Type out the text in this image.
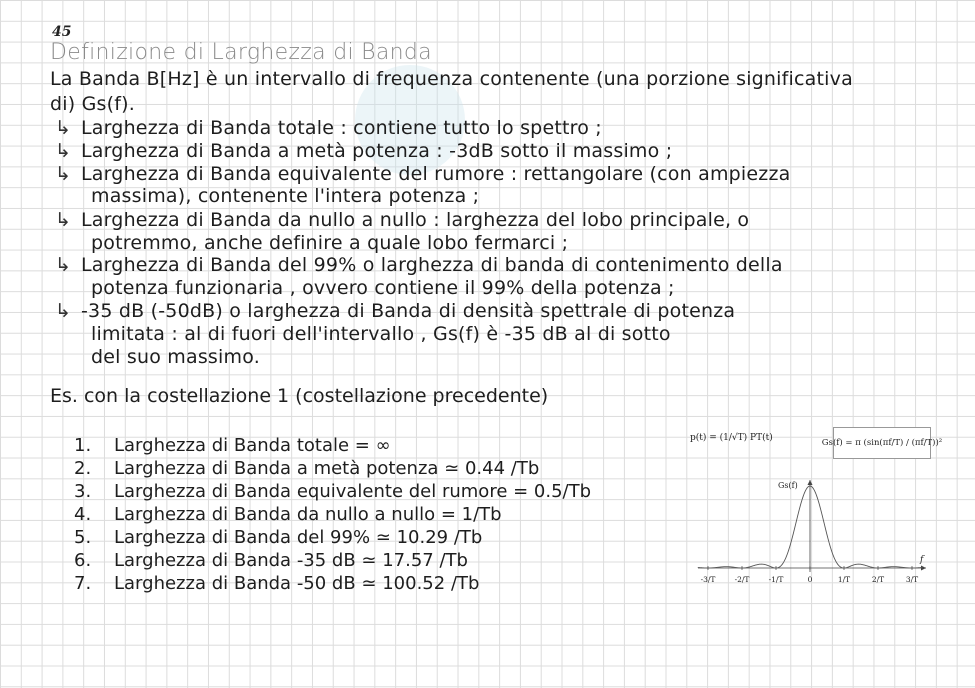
45
Definizione di Larghezza di Banda
La Banda B[Hz] è un intervallo di frequenza contenente (una porzione significativa
di) Gs(f).
↳ Larghezza di Banda totale : contiene tutto lo spettro ;
↳ Larghezza di Banda a metà potenza : -3dB sotto il massimo ;
↳ Larghezza di Banda equivalente del rumore : rettangolare (con ampiezza
massima), contenente l'intera potenza ;
↳ Larghezza di Banda da nullo a nullo : larghezza del lobo principale, o
potremmo, anche definire a quale lobo fermarci ;
↳ Larghezza di Banda del 99% o larghezza di banda di contenimento della
potenza funzionaria , ovvero contiene il 99% della potenza ;
↳ -35 dB (-50dB) o larghezza di Banda di densità spettrale di potenza
limitata : al di fuori dell'intervallo , Gs(f) è -35 dB al di sotto
del suo massimo.
Es. con la costellazione 1 (costellazione precedente)
1. Larghezza di Banda totale = ∞
2. Larghezza di Banda a metà potenza ≃ 0.44 /Tb
3. Larghezza di Banda equivalente del rumore = 0.5/Tb
4. Larghezza di Banda da nullo a nullo = 1/Tb
5. Larghezza di Banda del 99% ≃ 10.29 /Tb
6. Larghezza di Banda -35 dB ≃ 17.57 /Tb
7. Larghezza di Banda -50 dB ≃ 100.52 /Tb
p(t) = (1/√T) PT(t)	Gs(f) = π (sin(πf/T) / (πf/T))²
-3/T	-2/T	-1/T	0	1/T	2/T	3/T
Gs(f)
f
